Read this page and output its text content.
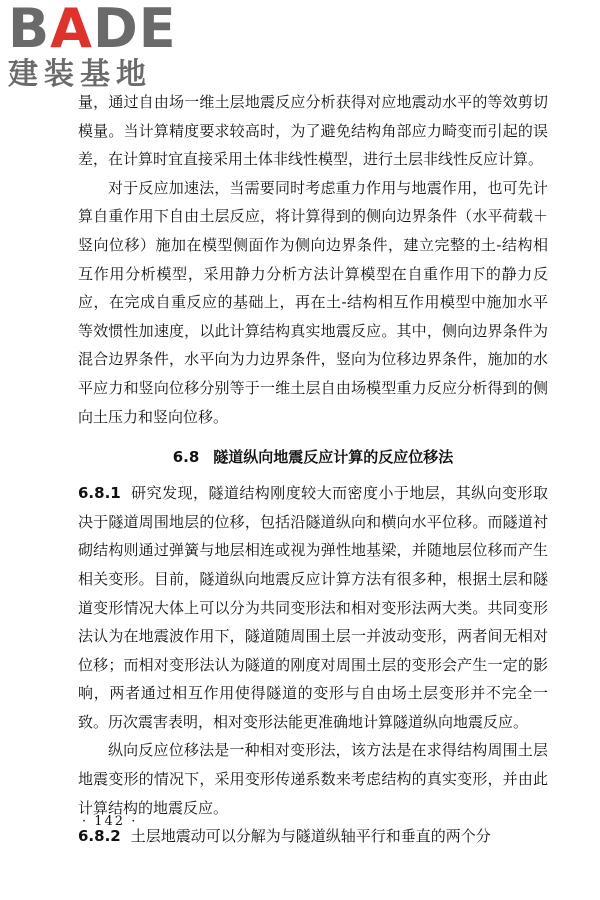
BADE
建装基地

量，通过自由场一维土层地震反应分析获得对应地震动水平的等效剪切模量。当计算精度要求较高时，为了避免结构角部应力畸变而引起的误差，在计算时宜直接采用土体非线性模型，进行土层非线性反应计算。

对于反应加速法，当需要同时考虑重力作用与地震作用，也可先计算自重作用下自由土层反应，将计算得到的侧向边界条件（水平荷载＋竖向位移）施加在模型侧面作为侧向边界条件，建立完整的土-结构相互作用分析模型，采用静力分析方法计算模型在自重作用下的静力反应，在完成自重反应的基础上，再在土-结构相互作用模型中施加水平等效惯性加速度，以此计算结构真实地震反应。其中，侧向边界条件为混合边界条件，水平向为力边界条件，竖向为位移边界条件，施加的水平应力和竖向位移分别等于一维土层自由场模型重力反应分析得到的侧向土压力和竖向位移。

6.8 隧道纵向地震反应计算的反应位移法

6.8.1 研究发现，隧道结构刚度较大而密度小于地层，其纵向变形取决于隧道周围地层的位移，包括沿隧道纵向和横向水平位移。而隧道衬砌结构则通过弹簧与地层相连或视为弹性地基梁，并随地层位移而产生相关变形。目前，隧道纵向地震反应计算方法有很多种，根据土层和隧道变形情况大体上可以分为共同变形法和相对变形法两大类。共同变形法认为在地震波作用下，隧道随周围土层一并波动变形，两者间无相对位移；而相对变形法认为隧道的刚度对周围土层的变形会产生一定的影响，两者通过相互作用使得隧道的变形与自由场土层变形并不完全一致。历次震害表明，相对变形法能更准确地计算隧道纵向地震反应。

纵向反应位移法是一种相对变形法，该方法是在求得结构周围土层地震变形的情况下，采用变形传递系数来考虑结构的真实变形，并由此计算结构的地震反应。

6.8.2 土层地震动可以分解为与隧道纵轴平行和垂直的两个分

· 142 ·
